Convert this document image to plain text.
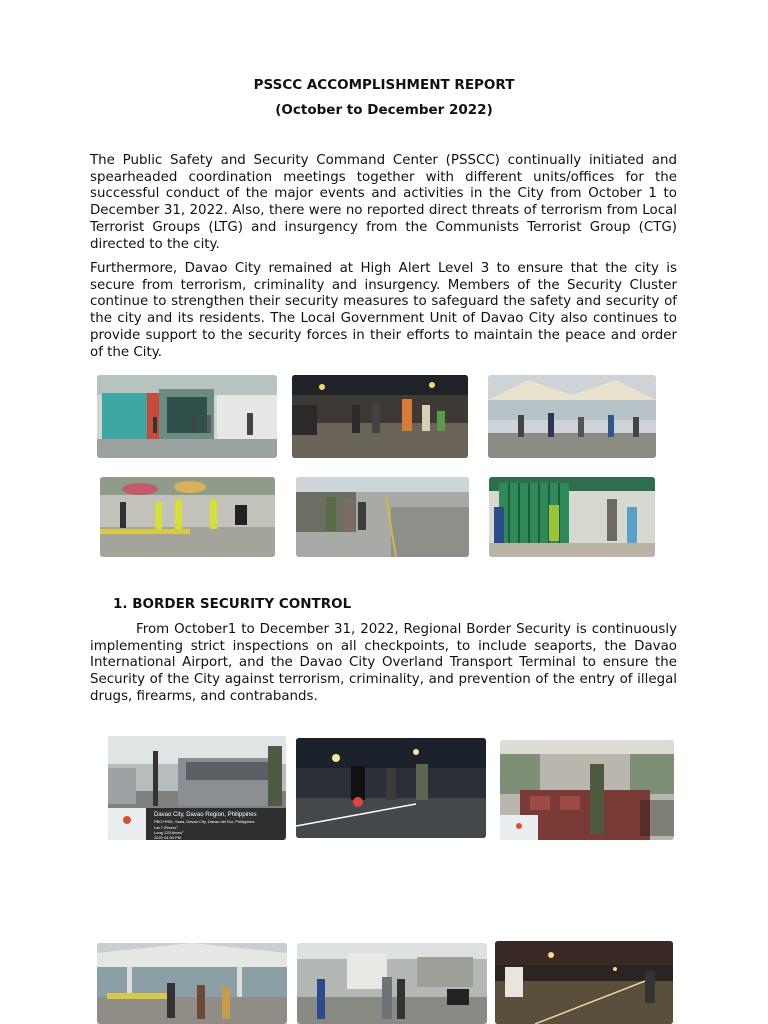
PSSCC ACCOMPLISHMENT REPORT
(October to December 2022)

The Public Safety and Security Command Center (PSSCC) continually initiated and spearheaded coordination meetings together with different units/offices for the successful conduct of the major events and activities in the City from October 1 to December 31, 2022. Also, there were no reported direct threats of terrorism from Local Terrorist Groups (LTG) and insurgency from the Communists Terrorist Group (CTG) directed to the city.

Furthermore, Davao City remained at High Alert Level 3 to ensure that the city is secure from terrorism, criminality and insurgency. Members of the Security Cluster continue to strengthen their security measures to safeguard the safety and security of the city and its residents. The Local Government Unit of Davao City also continues to provide support to the security forces in their efforts to maintain the peace and order of the City.

1. BORDER SECURITY CONTROL

From October1 to December 31, 2022, Regional Border Security is continuously implementing strict inspections on all checkpoints, to include seaports, the Davao International Airport, and the Davao City Overland Transport Terminal to ensure the Security of the City against terrorism, criminality, and prevention of the entry of illegal drugs, firearms, and contrabands.

Davao City, Davao Region, Philippines
PBO+P6G, Sasa, Davao City, Davao del Sur, Philippines
Lat 7.09xxxx°
Long 125.6xxxx°
2022 04:04 PM
